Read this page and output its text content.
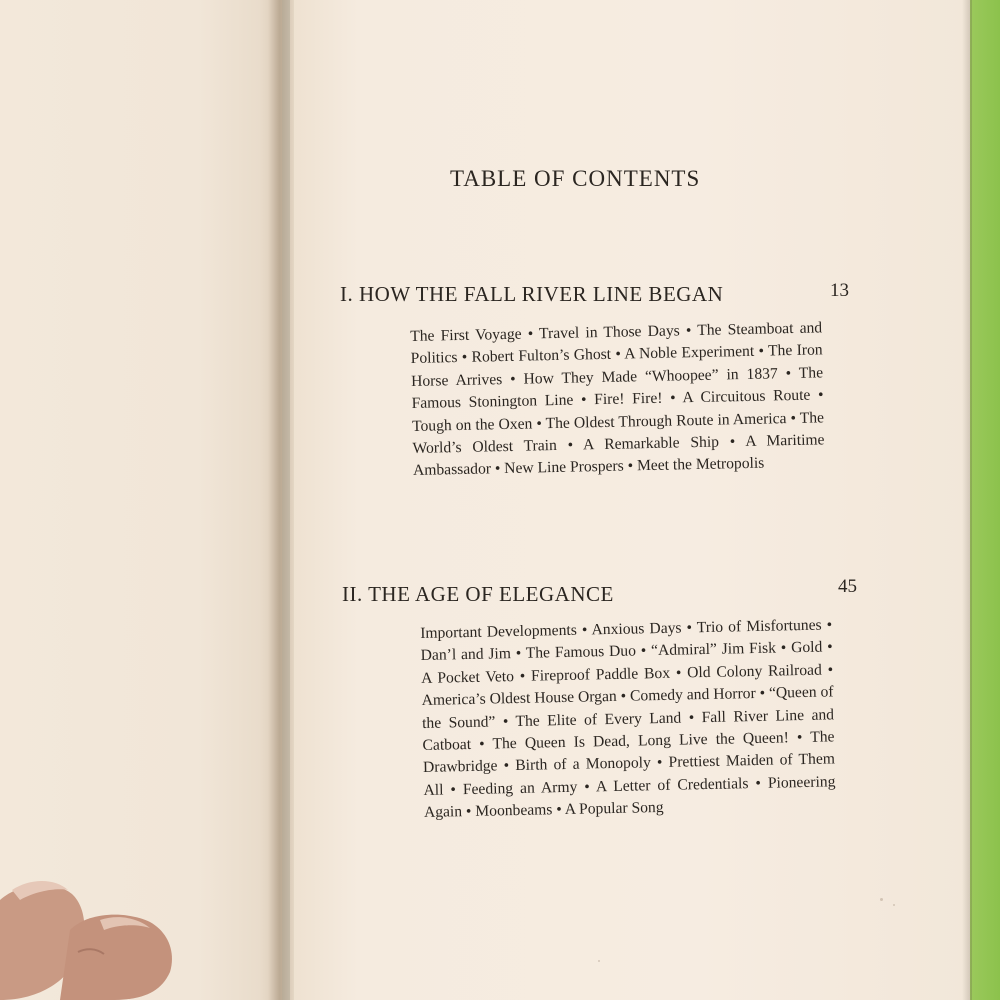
TABLE OF CONTENTS
I. HOW THE FALL RIVER LINE BEGAN	13
The First Voyage • Travel in Those Days • The Steamboat and Politics • Robert Fulton’s Ghost • A Noble Experiment • The Iron Horse Arrives • How They Made “Whoopee” in 1837 • The Famous Stonington Line • Fire! Fire! • A Circuitous Route • Tough on the Oxen • The Oldest Through Route in America • The World’s Oldest Train • A Remarkable Ship • A Maritime Ambassador • New Line Prospers • Meet the Metropolis
II. THE AGE OF ELEGANCE	45
Important Developments • Anxious Days • Trio of Misfortunes • Dan’l and Jim • The Famous Duo • “Admiral” Jim Fisk • Gold • A Pocket Veto • Fireproof Paddle Box • Old Colony Railroad • America’s Oldest House Organ • Comedy and Horror • “Queen of the Sound” • The Elite of Every Land • Fall River Line and Catboat • The Queen Is Dead, Long Live the Queen! • The Drawbridge • Birth of a Monopoly • Prettiest Maiden of Them All • Feeding an Army • A Letter of Credentials • Pioneering Again • Moonbeams • A Popular Song
